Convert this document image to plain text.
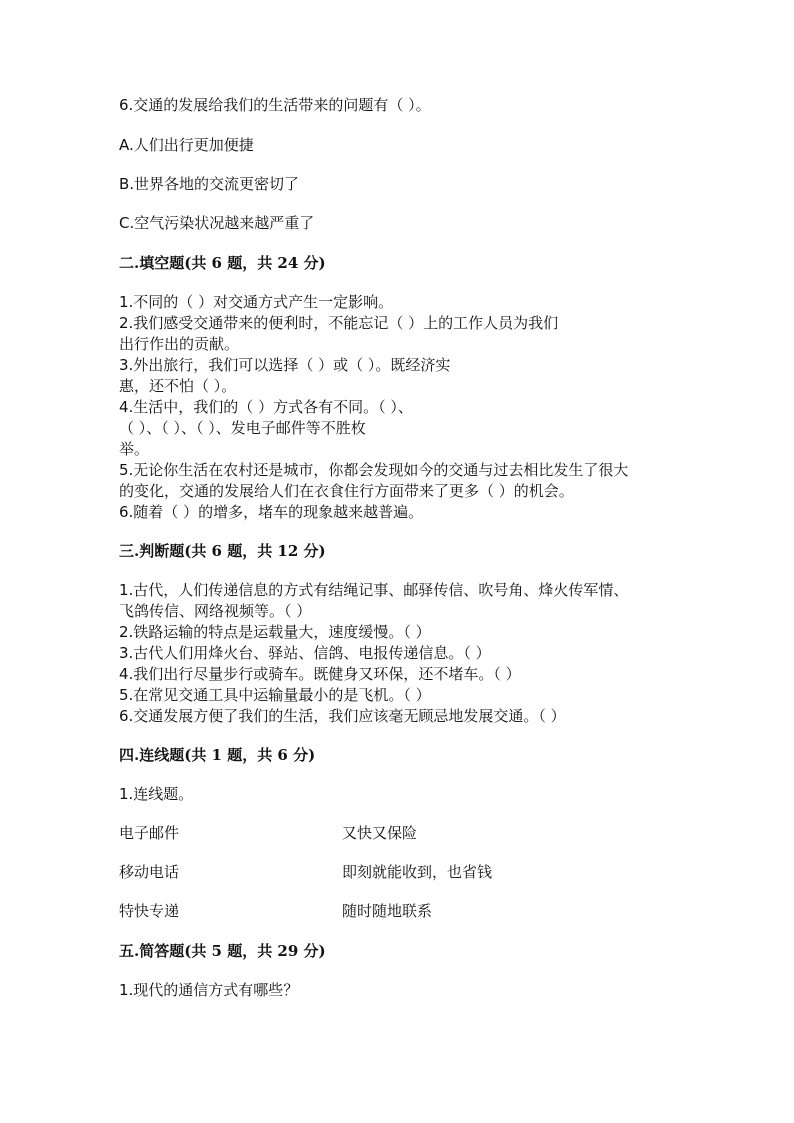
6.交通的发展给我们的生活带来的问题有（ ）。
A.人们出行更加便捷
B.世界各地的交流更密切了
C.空气污染状况越来越严重了
二.填空题(共 6 题，共 24 分)
1.不同的（ ）对交通方式产生一定影响。
2.我们感受交通带来的便利时，不能忘记（ ）上的工作人员为我们
出行作出的贡献。
3.外出旅行，我们可以选择（ ）或（ ）。既经济实
惠，还不怕（ ）。
4.生活中，我们的（ ）方式各有不同。（ ）、
（ ）、（ ）、（ ）、发电子邮件等不胜枚
举。
5.无论你生活在农村还是城市，你都会发现如今的交通与过去相比发生了很大
的变化，交通的发展给人们在衣食住行方面带来了更多（ ）的机会。
6.随着（ ）的增多，堵车的现象越来越普遍。
三.判断题(共 6 题，共 12 分)
1.古代，人们传递信息的方式有结绳记事、邮驿传信、吹号角、烽火传军情、
飞鸽传信、网络视频等。（ ）
2.铁路运输的特点是运载量大，速度缓慢。（ ）
3.古代人们用烽火台、驿站、信鸽、电报传递信息。（ ）
4.我们出行尽量步行或骑车。既健身又环保，还不堵车。（ ）
5.在常见交通工具中运输量最小的是飞机。（ ）
6.交通发展方便了我们的生活，我们应该毫无顾忌地发展交通。（ ）
四.连线题(共 1 题，共 6 分)
1.连线题。
电子邮件	又快又保险
移动电话	即刻就能收到，也省钱
特快专递	随时随地联系
五.简答题(共 5 题，共 29 分)
1.现代的通信方式有哪些？
